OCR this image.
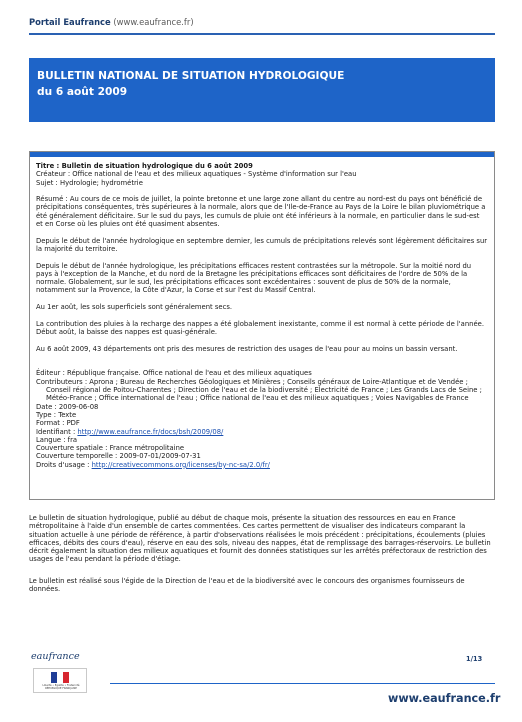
Portail Eaufrance (www.eaufrance.fr)
BULLETIN NATIONAL DE SITUATION HYDROLOGIQUE
du 6 août 2009

Titre : Bulletin de situation hydrologique du 6 août 2009

Créateur : Office national de l'eau et des milieux aquatiques - Système d'information sur l'eau

Sujet : Hydrologie; hydrométrie

Résumé : Au cours de ce mois de juillet, la pointe bretonne et une large zone allant du centre au nord-est du pays ont bénéficié de précipitations conséquentes, très supérieures à la normale, alors que de l'Ile-de-France au Pays de la Loire le bilan pluviométrique a été généralement déficitaire. Sur le sud du pays, les cumuls de pluie ont été inférieurs à la normale, en particulier dans le sud-est et en Corse où les pluies ont été quasiment absentes.

Depuis le début de l'année hydrologique en septembre dernier, les cumuls de précipitations relevés sont légèrement déficitaires sur la majorité du territoire.

Depuis le début de l'année hydrologique, les précipitations efficaces restent contrastées sur la métropole. Sur la moitié nord du pays à l'exception de la Manche, et du nord de la Bretagne les précipitations efficaces sont déficitaires de l'ordre de 50% de la normale. Globalement, sur le sud, les précipitations efficaces sont excédentaires : souvent de plus de 50% de la normale, notamment sur la Provence, la Côte d'Azur, la Corse et sur l'est du Massif Central.

Au 1er août, les sols superficiels sont généralement secs.

La contribution des pluies à la recharge des nappes a été globalement inexistante, comme il est normal à cette période de l'année. Début août, la baisse des nappes est quasi-générale.

Au 6 août 2009, 43 départements ont pris des mesures de restriction des usages de l'eau pour au moins un bassin versant.

Éditeur : République française. Office national de l'eau et des milieux aquatiques

Contributeurs : Aprona ; Bureau de Recherches Géologiques et Minières ; Conseils généraux de Loire-Atlantique et de Vendée ; Conseil régional de Poitou-Charentes ; Direction de l'eau et de la biodiversité ; Electricité de France ; Les Grands Lacs de Seine ; Météo-France ; Office international de l'eau ; Office national de l'eau et des milieux aquatiques ; Voies Navigables de France

Date : 2009-06-08

Type : Texte

Format : PDF

Identifiant : http://www.eaufrance.fr/docs/bsh/2009/08/

Langue : fra

Couverture spatiale : France métropolitaine

Couverture temporelle : 2009-07-01/2009-07-31

Droits d'usage : http://creativecommons.org/licenses/by-nc-sa/2.0/fr/

Le bulletin de situation hydrologique, publié au début de chaque mois, présente la situation des ressources en eau en France métropolitaine à l'aide d'un ensemble de cartes commentées. Ces cartes permettent de visualiser des indicateurs comparant la situation actuelle à une période de référence, à partir d'observations réalisées le mois précédent : précipitations, écoulements (pluies efficaces, débits des cours d'eau), réserve en eau des sols, niveau des nappes, état de remplissage des barrages-réservoirs. Le bulletin décrit également la situation des milieux aquatiques et fournit des données statistiques sur les arrêtés préfectoraux de restriction des usages de l'eau pendant la période d'étiage.

Le bulletin est réalisé sous l'égide de la Direction de l'eau et de la biodiversité avec le concours des organismes fournisseurs de données.

eaufrance
Liberté • Égalité • Fraternité RÉPUBLIQUE FRANÇAISE
1/13
www.eaufrance.fr
